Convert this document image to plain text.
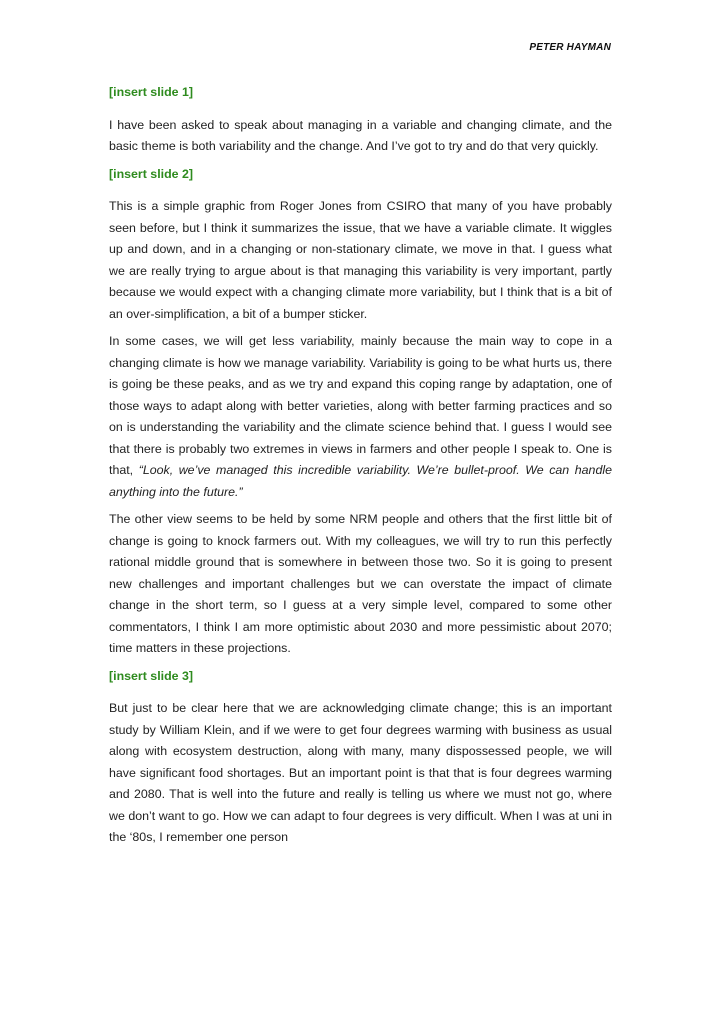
PETER HAYMAN
[insert slide 1]

I have been asked to speak about managing in a variable and changing climate, and the basic theme is both variability and the change. And I’ve got to try and do that very quickly.

[insert slide 2]

This is a simple graphic from Roger Jones from CSIRO that many of you have probably seen before, but I think it summarizes the issue, that we have a variable climate. It wiggles up and down, and in a changing or non-stationary climate, we move in that. I guess what we are really trying to argue about is that managing this variability is very important, partly because we would expect with a changing climate more variability, but I think that is a bit of an over-simplification, a bit of a bumper sticker.

In some cases, we will get less variability, mainly because the main way to cope in a changing climate is how we manage variability. Variability is going to be what hurts us, there is going be these peaks, and as we try and expand this coping range by adaptation, one of those ways to adapt along with better varieties, along with better farming practices and so on is understanding the variability and the climate science behind that. I guess I would see that there is probably two extremes in views in farmers and other people I speak to. One is that, “Look, we’ve managed this incredible variability. We’re bullet-proof. We can handle anything into the future.”

The other view seems to be held by some NRM people and others that the first little bit of change is going to knock farmers out. With my colleagues, we will try to run this perfectly rational middle ground that is somewhere in between those two. So it is going to present new challenges and important challenges but we can overstate the impact of climate change in the short term, so I guess at a very simple level, compared to some other commentators, I think I am more optimistic about 2030 and more pessimistic about 2070; time matters in these projections.

[insert slide 3]

But just to be clear here that we are acknowledging climate change; this is an important study by William Klein, and if we were to get four degrees warming with business as usual along with ecosystem destruction, along with many, many dispossessed people, we will have significant food shortages. But an important point is that that is four degrees warming and 2080. That is well into the future and really is telling us where we must not go, where we don’t want to go. How we can adapt to four degrees is very difficult. When I was at uni in the ‘80s, I remember one person
